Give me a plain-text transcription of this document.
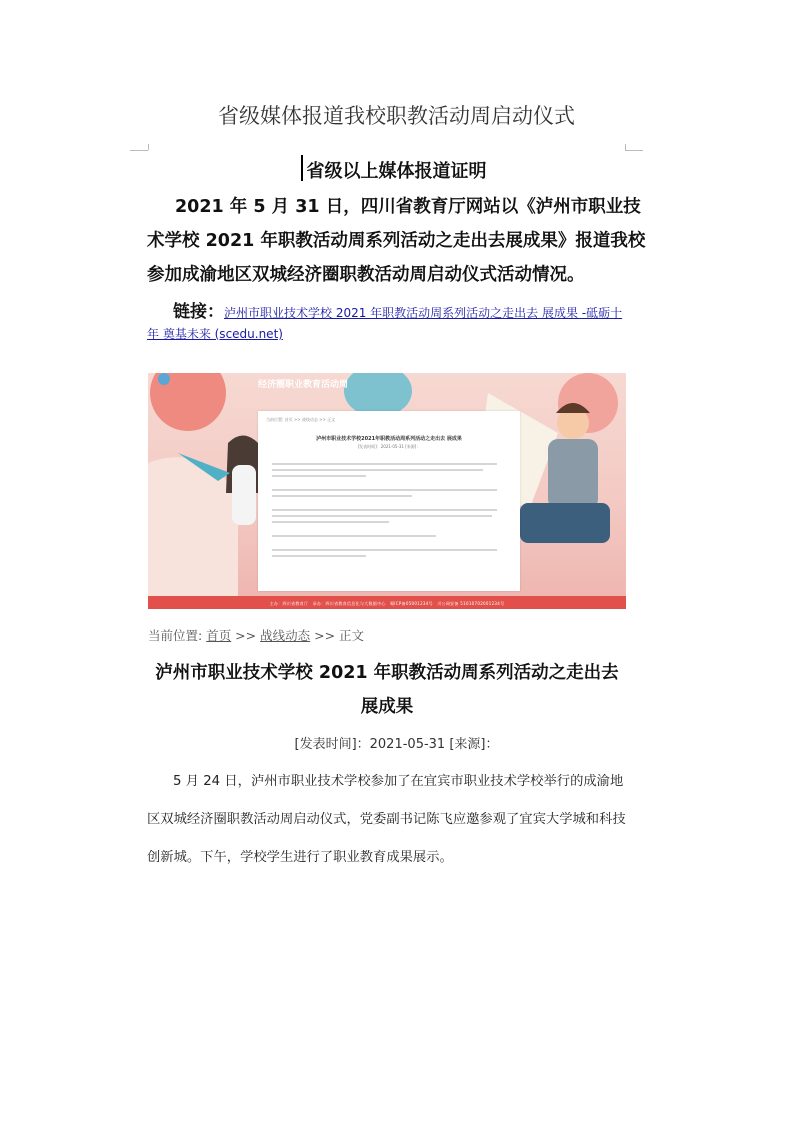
省级媒体报道我校职教活动周启动仪式
省级以上媒体报道证明
2021 年 5 月 31 日，四川省教育厅网站以《泸州市职业技术学校 2021 年职教活动周系列活动之走出去展成果》报道我校参加成渝地区双城经济圈职教活动周启动仪式活动情况。
链接：泸州市职业技术学校 2021 年职教活动周系列活动之走出去 展成果 -砥砺十年 奠基未来 (scedu.net)
经济圈职业教育活动周
当前位置: 首页 >> 战线动态 >> 正文
泸州市职业技术学校2021年职教活动周系列活动之走出去 展成果
[发表时间]：2021-05-31 [来源]：
主办：四川省教育厅　承办：四川省教育信息化与大数据中心　蜀ICP备05001234号　川公网安备 51010702001234号
当前位置: 首页 >> 战线动态 >> 正文
泸州市职业技术学校 2021 年职教活动周系列活动之走出去 展成果
[发表时间]：2021-05-31 [来源]：
5 月 24 日，泸州市职业技术学校参加了在宜宾市职业技术学校举行的成渝地区双城经济圈职教活动周启动仪式，党委副书记陈飞应邀参观了宜宾大学城和科技创新城。下午，学校学生进行了职业教育成果展示。
